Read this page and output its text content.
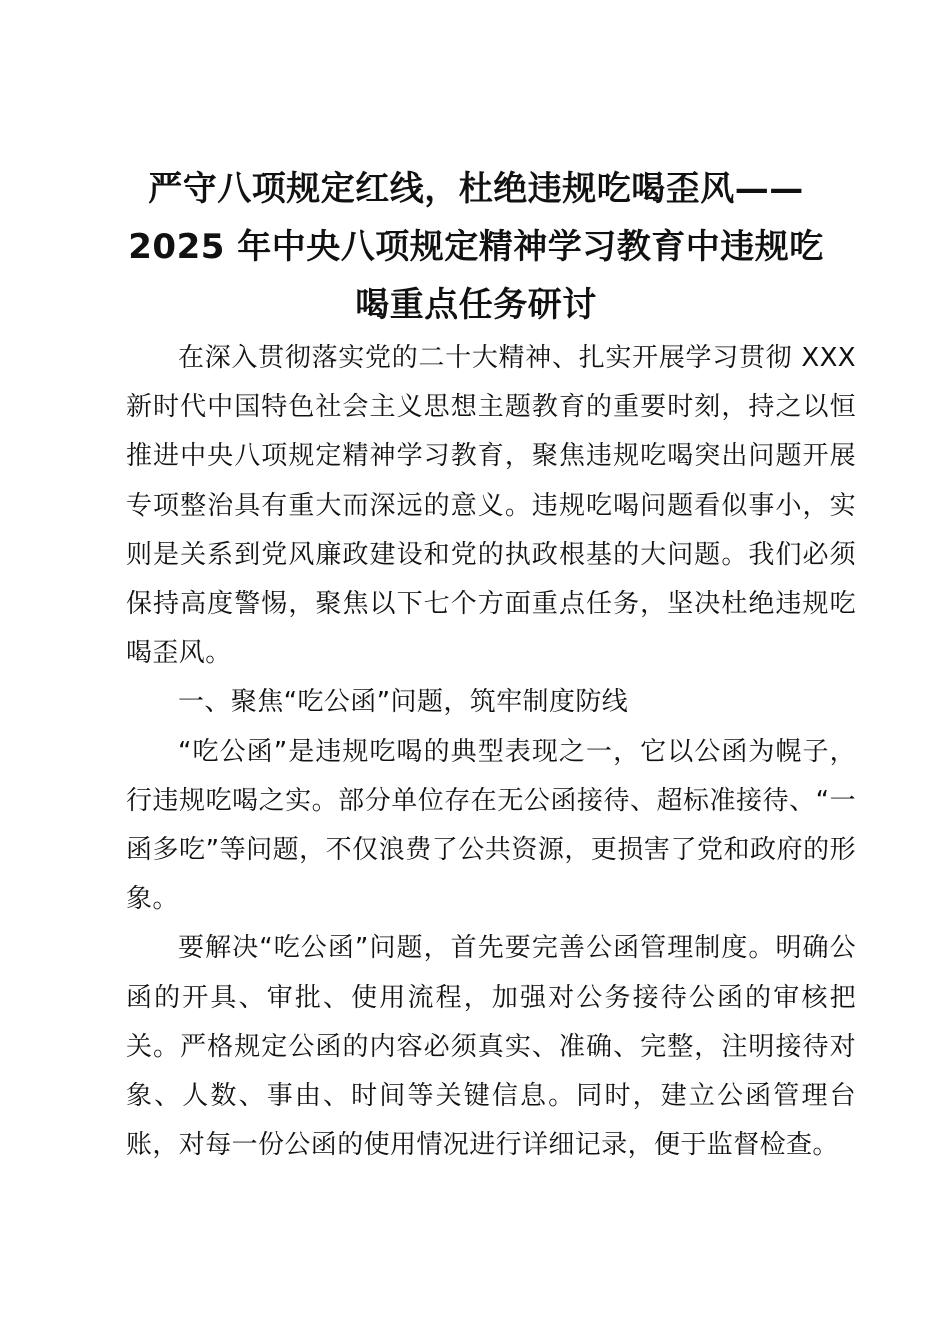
严守八项规定红线，杜绝违规吃喝歪风——
2025 年中央八项规定精神学习教育中违规吃
喝重点任务研讨

在深入贯彻落实党的二十大精神、扎实开展学习贯彻 XXX 新时代中国特色社会主义思想主题教育的重要时刻，持之以恒推进中央八项规定精神学习教育，聚焦违规吃喝突出问题开展专项整治具有重大而深远的意义。违规吃喝问题看似事小，实则是关系到党风廉政建设和党的执政根基的大问题。我们必须保持高度警惕，聚焦以下七个方面重点任务，坚决杜绝违规吃喝歪风。

一、聚焦“吃公函”问题，筑牢制度防线

“吃公函”是违规吃喝的典型表现之一，它以公函为幌子，行违规吃喝之实。部分单位存在无公函接待、超标准接待、“一函多吃”等问题，不仅浪费了公共资源，更损害了党和政府的形象。

要解决“吃公函”问题，首先要完善公函管理制度。明确公函的开具、审批、使用流程，加强对公务接待公函的审核把关。严格规定公函的内容必须真实、准确、完整，注明接待对象、人数、事由、时间等关键信息。同时，建立公函管理台账，对每一份公函的使用情况进行详细记录，便于监督检查。
